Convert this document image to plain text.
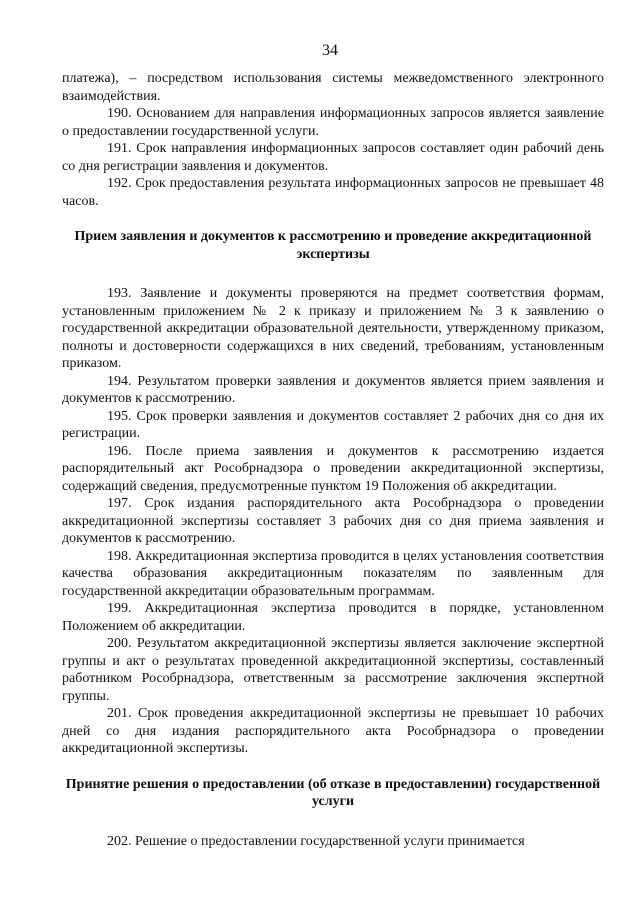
34

платежа), – посредством использования системы межведомственного электронного взаимодействия.

190. Основанием для направления информационных запросов является заявление о предоставлении государственной услуги.

191. Срок направления информационных запросов составляет один рабочий день со дня регистрации заявления и документов.

192. Срок предоставления результата информационных запросов не превышает 48 часов.

Прием заявления и документов к рассмотрению и проведение аккредитационной экспертизы

193. Заявление и документы проверяются на предмет соответствия формам, установленным приложением № 2 к приказу и приложением № 3 к заявлению о государственной аккредитации образовательной деятельности, утвержденному приказом, полноты и достоверности содержащихся в них сведений, требованиям, установленным приказом.

194. Результатом проверки заявления и документов является прием заявления и документов к рассмотрению.

195. Срок проверки заявления и документов составляет 2 рабочих дня со дня их регистрации.

196. После приема заявления и документов к рассмотрению издается распорядительный акт Рособрнадзора о проведении аккредитационной экспертизы, содержащий сведения, предусмотренные пунктом 19 Положения об аккредитации.

197. Срок издания распорядительного акта Рособрнадзора о проведении аккредитационной экспертизы составляет 3 рабочих дня со дня приема заявления и документов к рассмотрению.

198. Аккредитационная экспертиза проводится в целях установления соответствия качества образования аккредитационным показателям по заявленным для государственной аккредитации образовательным программам.

199. Аккредитационная экспертиза проводится в порядке, установленном Положением об аккредитации.

200. Результатом аккредитационной экспертизы является заключение экспертной группы и акт о результатах проведенной аккредитационной экспертизы, составленный работником Рособрнадзора, ответственным за рассмотрение заключения экспертной группы.

201. Срок проведения аккредитационной экспертизы не превышает 10 рабочих дней со дня издания распорядительного акта Рособрнадзора о проведении аккредитационной экспертизы.

Принятие решения о предоставлении (об отказе в предоставлении) государственной услуги

202. Решение о предоставлении государственной услуги принимается
